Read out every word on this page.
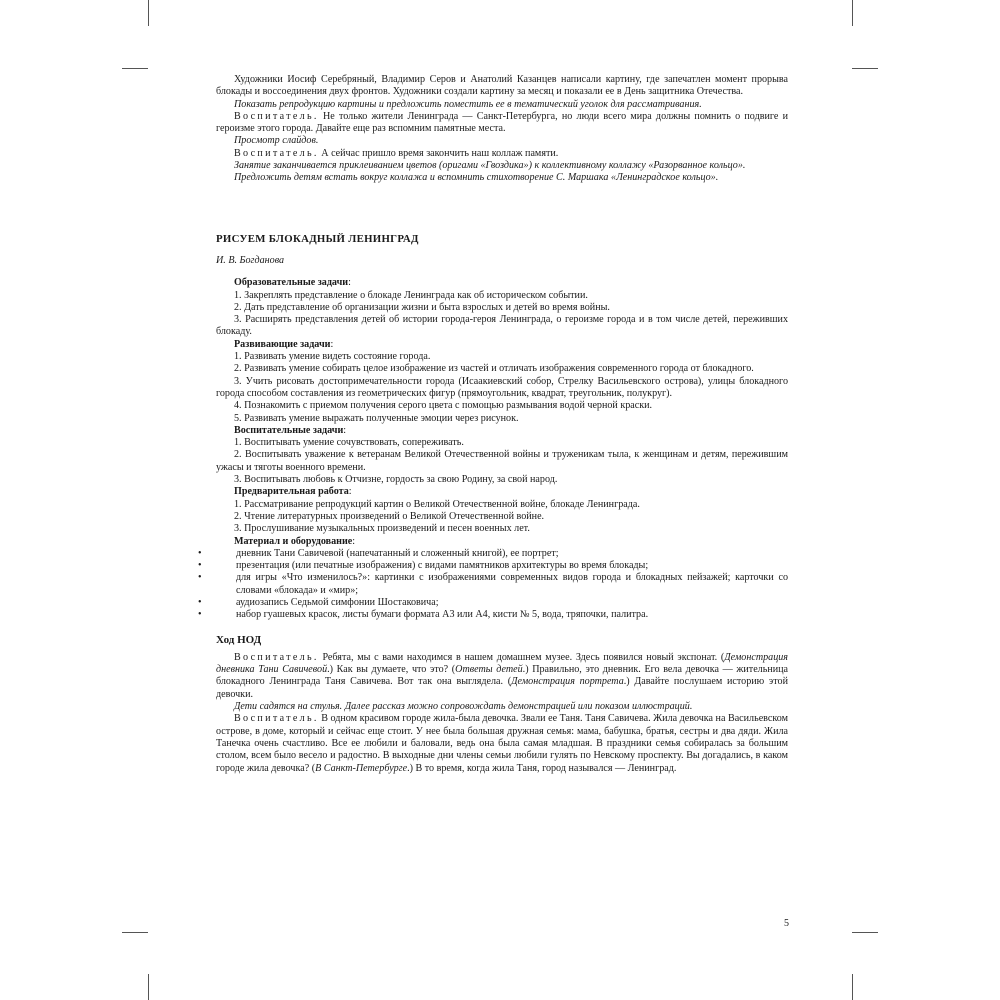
Художники Иосиф Серебряный, Владимир Серов и Анатолий Казанцев написали картину, где запечатлен момент прорыва блокады и воссоединения двух фронтов. Художники создали картину за месяц и показали ее в День защитника Отечества.

Показать репродукцию картины и предложить поместить ее в тематический уголок для рассматривания.

Воспитатель. Не только жители Ленинграда — Санкт-Петербурга, но люди всего мира должны помнить о подвиге и героизме этого города. Давайте еще раз вспомним памятные места.

Просмотр слайдов.

Воспитатель. А сейчас пришло время закончить наш коллаж памяти.

Занятие заканчивается приклеиванием цветов (оригами «Гвоздика») к коллективному коллажу «Разорванное кольцо».

Предложить детям встать вокруг коллажа и вспомнить стихотворение С. Маршака «Ленинградское кольцо».

РИСУЕМ БЛОКАДНЫЙ ЛЕНИНГРАД

И. В. Богданова

Образовательные задачи:

1. Закреплять представление о блокаде Ленинграда как об историческом событии.

2. Дать представление об организации жизни и быта взрослых и детей во время войны.

3. Расширять представления детей об истории города-героя Ленинграда, о героизме города и в том числе детей, переживших блокаду.

Развивающие задачи:

1. Развивать умение видеть состояние города.

2. Развивать умение собирать целое изображение из частей и отличать изображения современного города от блокадного.

3. Учить рисовать достопримечательности города (Исаакиевский собор, Стрелку Васильевского острова), улицы блокадного города способом составления из геометрических фигур (прямоугольник, квадрат, треугольник, полукруг).

4. Познакомить с приемом получения серого цвета с помощью размывания водой черной краски.

5. Развивать умение выражать полученные эмоции через рисунок.

Воспитательные задачи:

1. Воспитывать умение сочувствовать, сопереживать.

2. Воспитывать уважение к ветеранам Великой Отечественной войны и труженикам тыла, к женщинам и детям, пережившим ужасы и тяготы военного времени.

3. Воспитывать любовь к Отчизне, гордость за свою Родину, за свой народ.

Предварительная работа:

1. Рассматривание репродукций картин о Великой Отечественной войне, блокаде Ленинграда.

2. Чтение литературных произведений о Великой Отечественной войне.

3. Прослушивание музыкальных произведений и песен военных лет.

Материал и оборудование:

• дневник Тани Савичевой (напечатанный и сложенный книгой), ее портрет;
• презентация (или печатные изображения) с видами памятников архитектуры во время блокады;
• для игры «Что изменилось?»: картинки с изображениями современных видов города и блокадных пейзажей; карточки со словами «блокада» и «мир»;
• аудиозапись Седьмой симфонии Шостаковича;
• набор гуашевых красок, листы бумаги формата А3 или А4, кисти № 5, вода, тряпочки, палитра.

Ход НОД

Воспитатель. Ребята, мы с вами находимся в нашем домашнем музее. Здесь появился новый экспонат. (Демонстрация дневника Тани Савичевой.) Как вы думаете, что это? (Ответы детей.) Правильно, это дневник. Его вела девочка — жительница блокадного Ленинграда Таня Савичева. Вот так она выглядела. (Демонстрация портрета.) Давайте послушаем историю этой девочки.

Дети садятся на стулья. Далее рассказ можно сопровождать демонстрацией или показом иллюстраций.

Воспитатель. В одном красивом городе жила-была девочка. Звали ее Таня. Таня Савичева. Жила девочка на Васильевском острове, в доме, который и сейчас еще стоит. У нее была большая дружная семья: мама, бабушка, братья, сестры и два дяди. Жила Танечка очень счастливо. Все ее любили и баловали, ведь она была самая младшая. В праздники семья собиралась за большим столом, всем было весело и радостно. В выходные дни члены семьи любили гулять по Невскому проспекту. Вы догадались, в каком городе жила девочка? (В Санкт-Петербурге.) В то время, когда жила Таня, город назывался — Ленинград.

5
